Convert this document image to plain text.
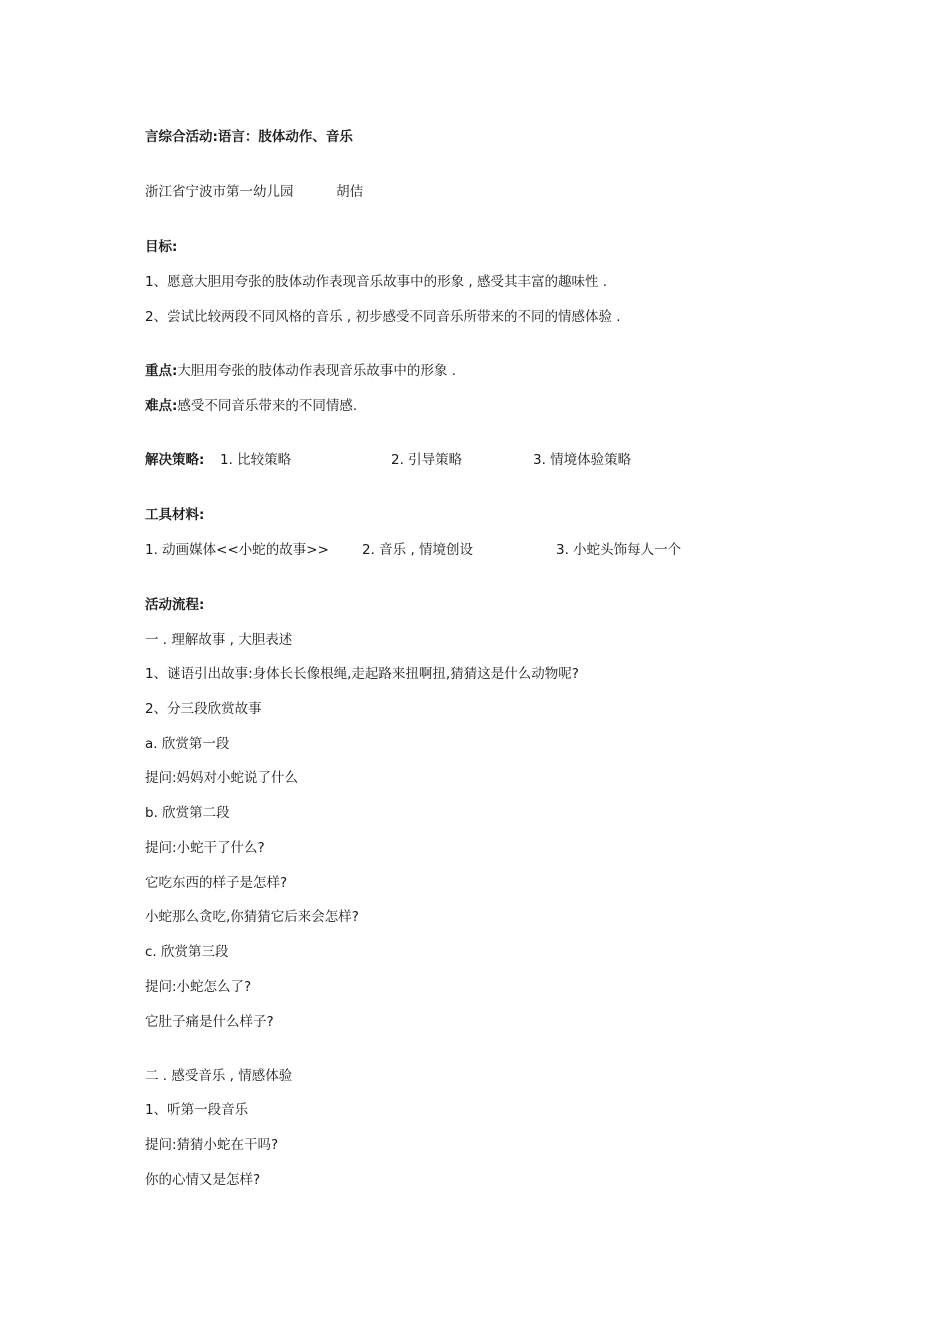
言综合活动:语言：肢体动作、音乐
浙江省宁波市第一幼儿园	胡佶
目标:
1、愿意大胆用夸张的肢体动作表现音乐故事中的形象 , 感受其丰富的趣味性 .
2、尝试比较两段不同风格的音乐 , 初步感受不同音乐所带来的不同的情感体验 .
重点:大胆用夸张的肢体动作表现音乐故事中的形象 .
难点:感受不同音乐带来的不同情感.
解决策略: 1. 比较策略	2. 引导策略	3. 情境体验策略
工具材料:
1. 动画媒体<<小蛇的故事>> 2. 音乐 , 情境创设	3. 小蛇头饰每人一个
活动流程:
一 . 理解故事 , 大胆表述
1、谜语引出故事:身体长长像根绳,走起路来扭啊扭,猜猜这是什么动物呢?
2、分三段欣赏故事
a. 欣赏第一段
提问:妈妈对小蛇说了什么
b. 欣赏第二段
提问:小蛇干了什么?
它吃东西的样子是怎样?
小蛇那么贪吃,你猜猜它后来会怎样?
c. 欣赏第三段
提问:小蛇怎么了?
它肚子痛是什么样子?
二 . 感受音乐 , 情感体验
1、听第一段音乐
提问:猜猜小蛇在干吗?
你的心情又是怎样?
